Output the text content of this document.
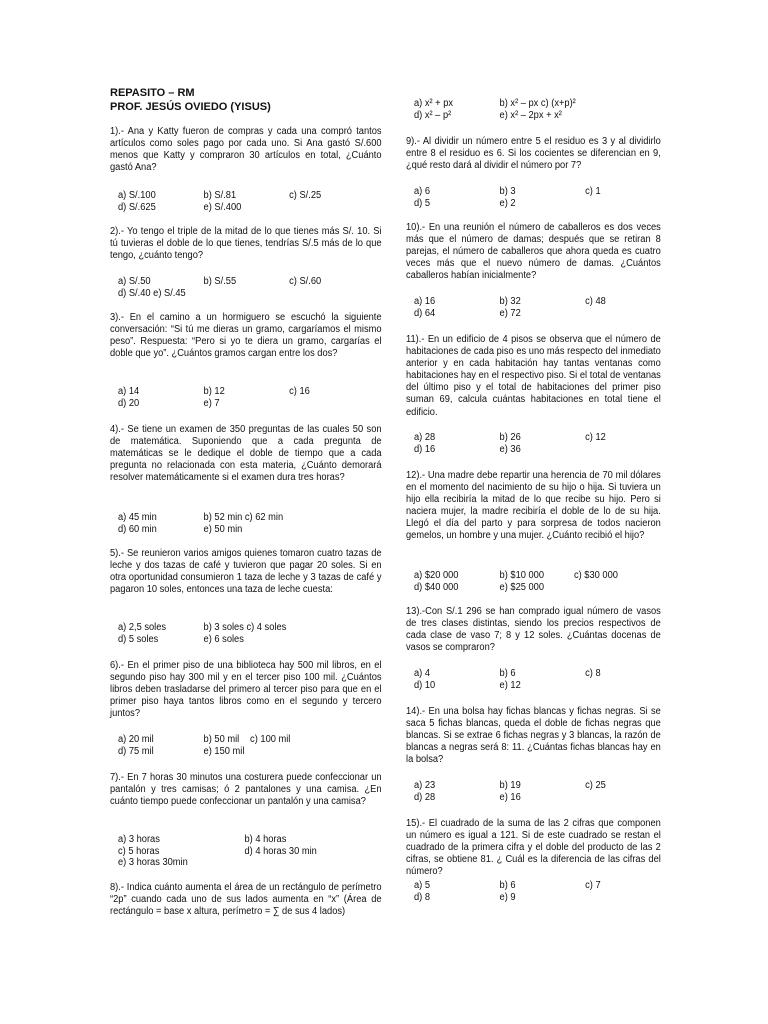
REPASITO – RM
PROF. JESÚS OVIEDO (YISUS)
1).- Ana y Katty fueron de compras y cada una compró tantos artículos como soles pago por cada uno. Si Ana gastó S/.600 menos que Katty y compraron 30 artículos en total, ¿Cuánto gastó Ana?
a) S/.100	b) S/.81	c) S/.25
d) S/.625	e) S/.400
2).- Yo tengo el triple de la mitad de lo que tienes más S/. 10. Si tú tuvieras el doble de lo que tienes, tendrías S/.5 más de lo que tengo, ¿cuánto tengo?
a) S/.50	b) S/.55	c) S/.60
d) S/.40 e) S/.45
3).- En el camino a un hormiguero se escuchó la siguiente conversación: “Si tú me dieras un gramo, cargaríamos el mismo peso”. Respuesta: “Pero si yo te diera un gramo, cargarías el doble que yo”. ¿Cuántos gramos cargan entre los dos?
a) 14	b) 12	c) 16
d) 20	e) 7
4).- Se tiene un examen de 350 preguntas de las cuales 50 son de matemática. Suponiendo que a cada pregunta de matemáticas se le dedique el doble de tiempo que a cada pregunta no relacionada con esta materia, ¿Cuánto demorará resolver matemáticamente si el examen dura tres horas?
a) 45 min	b) 52 min c) 62 min
d) 60 min	e) 50 min
5).- Se reunieron varios amigos quienes tomaron cuatro tazas de leche y dos tazas de café y tuvieron que pagar 20 soles. Si en otra oportunidad consumieron 1 taza de leche y 3 tazas de café y pagaron 10 soles, entonces una taza de leche cuesta:
a) 2,5 soles	b) 3 soles c) 4 soles
d) 5 soles	e) 6 soles
6).- En el primer piso de una biblioteca hay 500 mil libros, en el segundo piso hay 300 mil y en el tercer piso 100 mil. ¿Cuántos libros deben trasladarse del primero al tercer piso para que en el primer piso haya tantos libros como en el segundo y tercero juntos?
a) 20 mil	b) 50 mil c) 100 mil
d) 75 mil	e) 150 mil
7).- En 7 horas 30 minutos una costurera puede confeccionar un pantalón y tres camisas; ó 2 pantalones y una camisa. ¿En cuánto tiempo puede confeccionar un pantalón y una camisa?
a) 3 horas	b) 4 horas
c) 5 horas	d) 4 horas 30 min
e) 3 horas 30min
8).- Indica cuánto aumenta el área de un rectángulo de perímetro “2p” cuando cada uno de sus lados aumenta en “x” (Área de rectángulo = base x altura, perímetro = ∑ de sus 4 lados)
a) x² + px	b) x² – px c) (x+p)²
d) x² – p²	e) x² – 2px + x²
9).- Al dividir un número entre 5 el residuo es 3 y al dividirlo entre 8 el residuo es 6. Si los cocientes se diferencian en 9, ¿qué resto dará al dividir el número por 7?
a) 6	b) 3	c) 1
d) 5	e) 2
10).- En una reunión el número de caballeros es dos veces más que el número de damas; después que se retiran 8 parejas, el número de caballeros que ahora queda es cuatro veces más que el nuevo número de damas. ¿Cuántos caballeros habían inicialmente?
a) 16	b) 32	c) 48
d) 64	e) 72
11).- En un edificio de 4 pisos se observa que el número de habitaciones de cada piso es uno más respecto del inmediato anterior y en cada habitación hay tantas ventanas como habitaciones hay en el respectivo piso. Si el total de ventanas del último piso y el total de habitaciones del primer piso suman 69, calcula cuántas habitaciones en total tiene el edificio.
a) 28	b) 26	c) 12
d) 16	e) 36
12).- Una madre debe repartir una herencia de 70 mil dólares en el momento del nacimiento de su hijo o hija. Si tuviera un hijo ella recibiría la mitad de lo que recibe su hijo. Pero si naciera mujer, la madre recibiría el doble de lo de su hija. Llegó el día del parto y para sorpresa de todos nacieron gemelos, un hombre y una mujer. ¿Cuánto recibió el hijo?
a) $20 000	b) $10 000	c) $30 000
d) $40 000	e) $25 000
13).-Con S/.1 296 se han comprado igual número de vasos de tres clases distintas, siendo los precios respectivos de cada clase de vaso 7; 8 y 12 soles. ¿Cuántas docenas de vasos se compraron?
a) 4	b) 6	c) 8
d) 10	e) 12
14).- En una bolsa hay fichas blancas y fichas negras. Si se saca 5 fichas blancas, queda el doble de fichas negras que blancas. Si se extrae 6 fichas negras y 3 blancas, la razón de blancas a negras será 8: 11. ¿Cuántas fichas blancas hay en la bolsa?
a) 23	b) 19	c) 25
d) 28	e) 16
15).- El cuadrado de la suma de las 2 cifras que componen un número es igual a 121. Si de este cuadrado se restan el cuadrado de la primera cifra y el doble del producto de las 2 cifras, se obtiene 81. ¿ Cuál es la diferencia de las cifras del número?
a) 5	b) 6	c) 7
d) 8	e) 9
